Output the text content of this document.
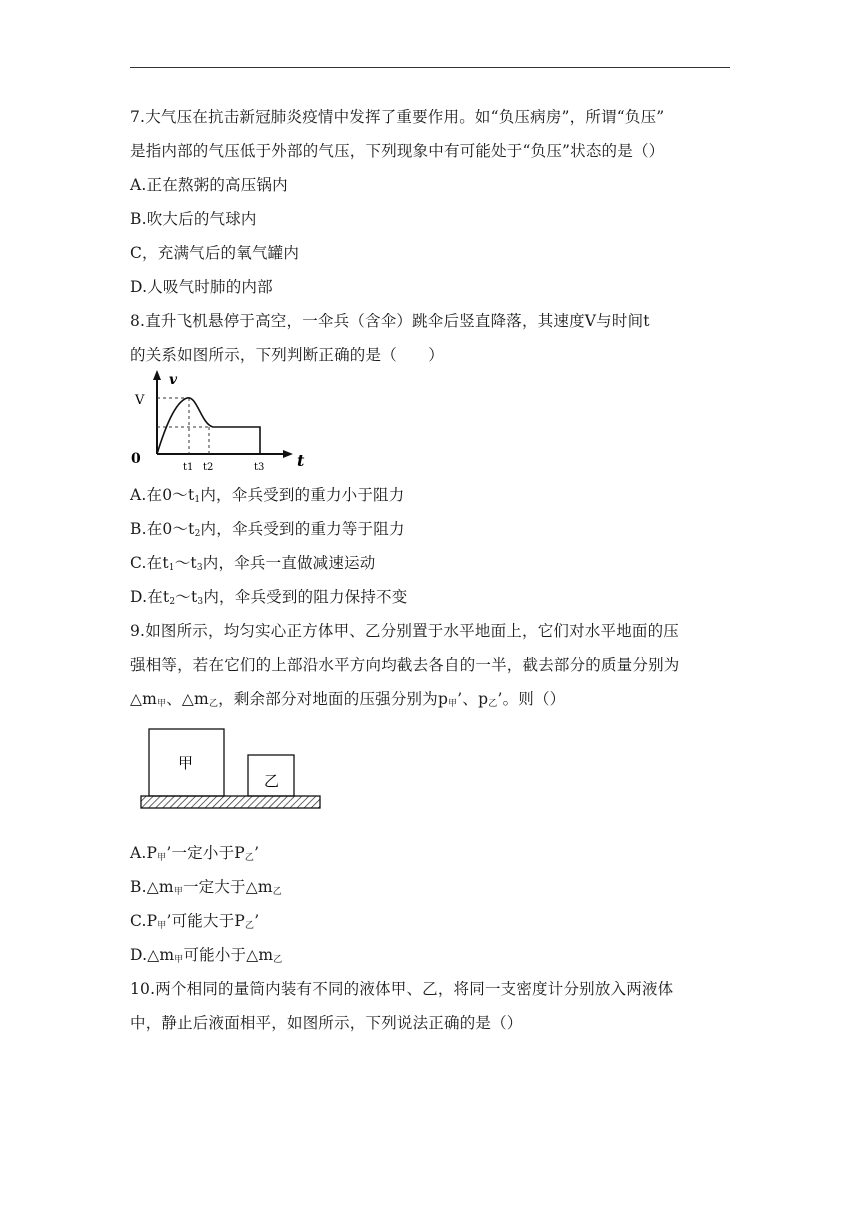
7.大气压在抗击新冠肺炎疫情中发挥了重要作用。如“负压病房”，所谓“负压”
是指内部的气压低于外部的气压，下列现象中有可能处于“负压”状态的是（）
A.正在熬粥的高压锅内
B.吹大后的气球内
C，充满气后的氧气罐内
D.人吸气时肺的内部
8.直升飞机悬停于高空，一伞兵（含伞）跳伞后竖直降落，其速度V与时间t
的关系如图所示，下列判断正确的是（　　）
v
t
V
0
t1 t2	t3
A.在$0\sim t_1$内，伞兵受到的重力小于阻力
B.在$0\sim t_2$内，伞兵受到的重力等于阻力
C.在$t_1\sim t_3$内，伞兵一直做减速运动
D.在$t_2\sim t_3$内，伞兵受到的阻力保持不变
9.如图所示，均匀实心正方体甲、乙分别置于水平地面上，它们对水平地面的压
强相等，若在它们的上部沿水平方向均截去各自的一半，截去部分的质量分别为
$\triangle m_甲$、$\triangle m_乙$，剩余部分对地面的压强分别为$p_甲$’、$p_乙$’。则（）
甲
乙
$A.P_甲$’一定小于$P_乙$’
$B.\triangle m_甲$一定大于$\triangle m_乙$
$C.P_甲$’可能大于$P_乙$’
$D.\triangle m_甲$可能小于$\triangle m_乙$
10.两个相同的量筒内装有不同的液体甲、乙，将同一支密度计分别放入两液体
中，静止后液面相平，如图所示，下列说法正确的是（）
